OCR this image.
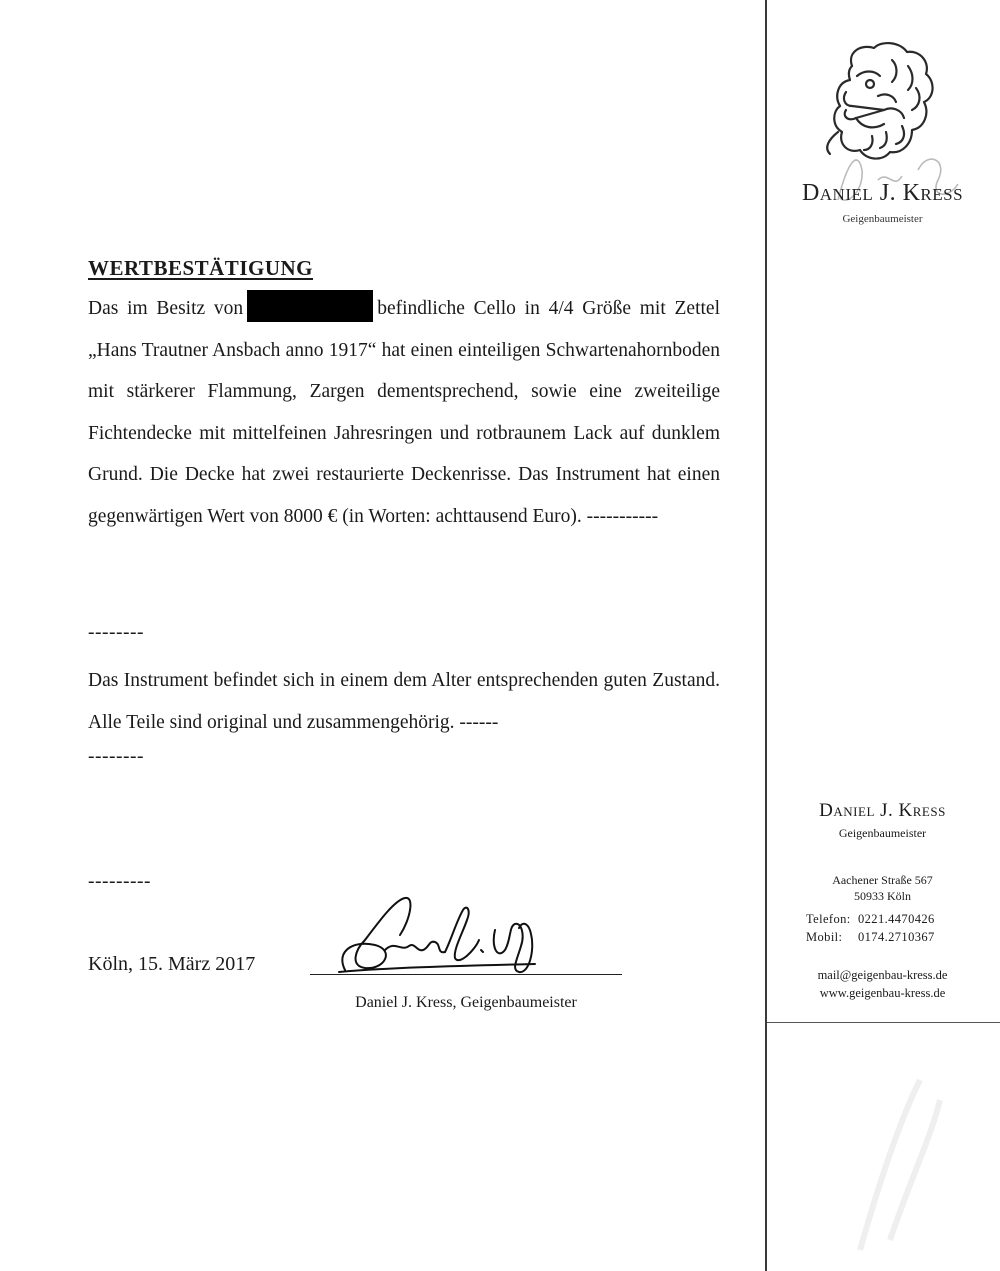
Daniel J. Kress
Geigenbaumeister
WERTBESTÄTIGUNG

Das im Besitz von	befindliche Cello in 4/4 Größe mit Zettel „Hans Trautner Ansbach anno 1917“ hat einen einteiligen Schwartenahornboden mit stärkerer Flammung, Zargen dementsprechend, sowie eine zweiteilige Fichtendecke mit mittelfeinen Jahresringen und rotbraunem Lack auf dunklem Grund. Die Decke hat zwei restaurierte Deckenrisse. Das Instrument hat einen gegenwärtigen Wert von 8000 € (in Worten: achttausend Euro). -----------

--------

Das Instrument befindet sich in einem dem Alter entsprechenden guten Zustand. Alle Teile sind original und zusammengehörig. ------

--------
---------
Köln, 15. März 2017
Daniel J. Kress, Geigenbaumeister
Daniel J. Kress
Geigenbaumeister
Aachener Straße 567
50933 Köln
Telefon: 0221.4470426
Mobil: 0174.2710367
mail@geigenbau-kress.de
www.geigenbau-kress.de
